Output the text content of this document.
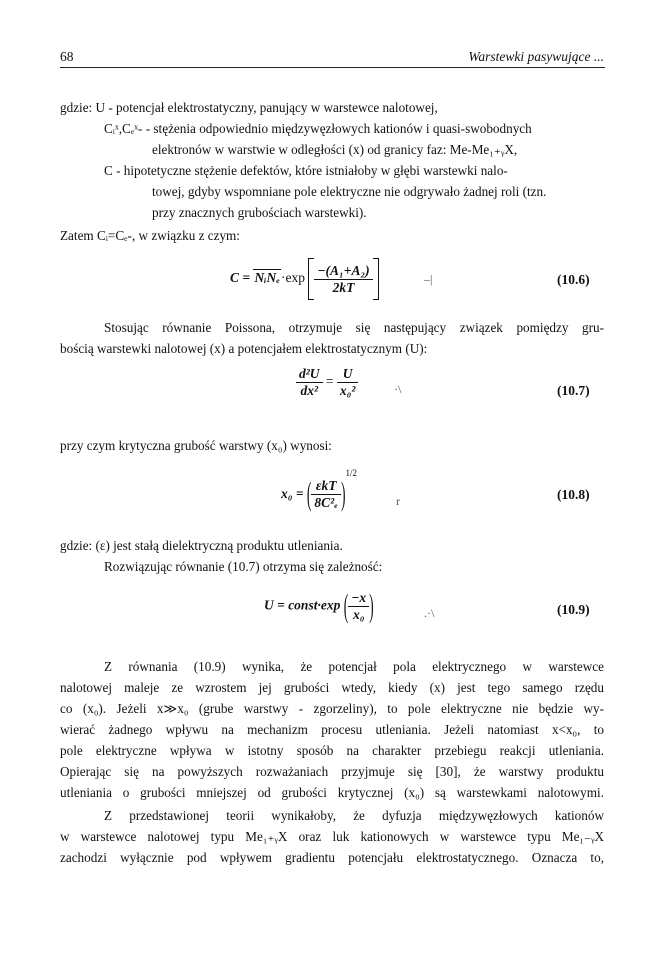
68	Warstewki pasywujące ...
gdzie: U - potencjał elektrostatyczny, panujący w warstewce nalotowej,
Cᵢˣ,Cₑˣ- - stężenia odpowiednio międzywęzłowych kationów i quasi-swobodnych
elektronów w warstwie w odległości (x) od granicy faz: Me-Me₁₊ᵧX,
C - hipotetyczne stężenie defektów, które istniałoby w głębi warstewki nalo-
towej, gdyby wspomniane pole elektryczne nie odgrywało żadnej roli (tzn.
przy znacznych grubościach warstewki).
Zatem Cᵢ=Cₑ-, w związku z czym:
C = NᵢNₑ·exp $\frac{\text{−(A₁+A₂)}}{2kT}$	–|	(10.6)
Stosując równanie Poissona, otrzymuje się następujący związek pomiędzy gru-
bością warstewki nalotowej (x) a potencjałem elektrostatycznym (U):
$\frac{\text{d²U}}{\text{dx²}} = \frac{U}{\text{x₀²}}$	·\	(10.7)
przy czym krytyczna grubość warstwy (x₀) wynosi:
x₀ = ( $\frac{\text{εkT}}{\text{8C²ₑ}} )^{1/2}$
r	(10.8)
gdzie: (ε) jest stałą dielektryczną produktu utleniania.
Rozwiązując równanie (10.7) otrzyma się zależność:
U = const·exp ( $\frac{-x}{\text{x₀}}$ )	.·\	(10.9)
Z równania (10.9) wynika, że potencjał pola elektrycznego w warstewce
nalotowej maleje ze wzrostem jej grubości wtedy, kiedy (x) jest tego samego rzędu
co (x₀). Jeżeli x≫x₀ (grube warstwy - zgorzeliny), to pole elektryczne nie będzie wy-
wierać żadnego wpływu na mechanizm procesu utleniania. Jeżeli natomiast x<x₀, to
pole elektryczne wpływa w istotny sposób na charakter przebiegu reakcji utleniania.
Opierając się na powyższych rozważaniach przyjmuje się [30], że warstwy produktu
utleniania o grubości mniejszej od grubości krytycznej (x₀) są warstewkami nalotowymi.
Z przedstawionej teorii wynikałoby, że dyfuzja międzywęzłowych kationów
w warstewce nalotowej typu Me₁₊ᵧX oraz luk kationowych w warstewce typu Me₁₋ᵧX
zachodzi wyłącznie pod wpływem gradientu potencjału elektrostatycznego. Oznacza to,
